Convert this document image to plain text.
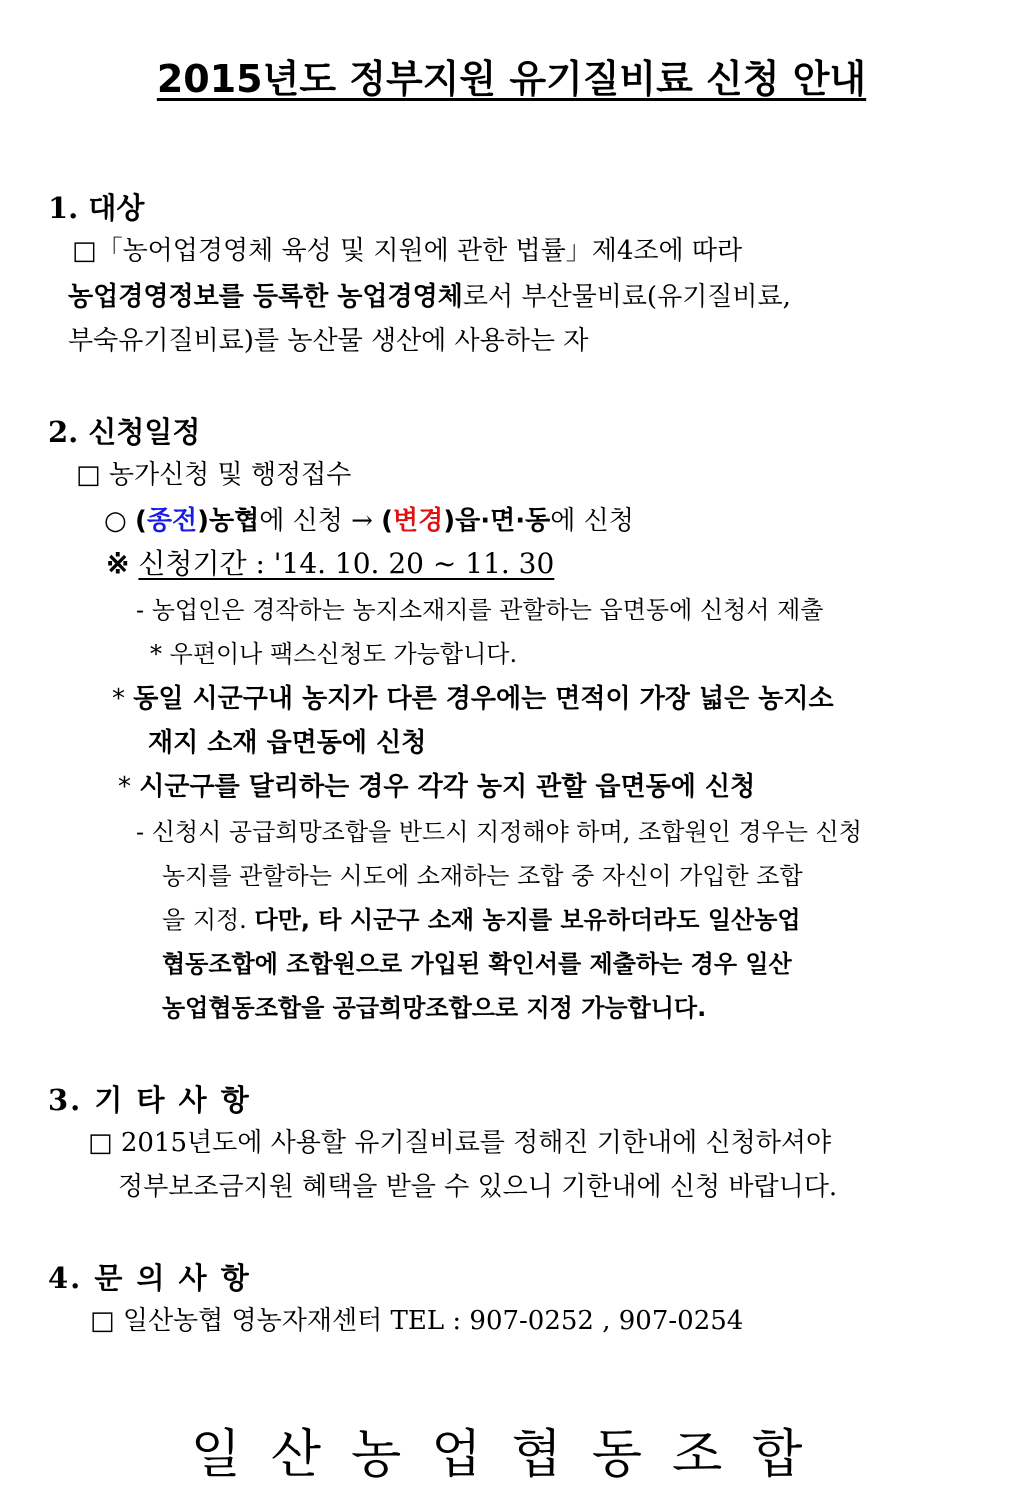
2015년도 정부지원 유기질비료 신청 안내
1. 대상
□「농어업경영체 육성 및 지원에 관한 법률」제4조에 따라
농업경영정보를 등록한 농업경영체로서 부산물비료(유기질비료,
부숙유기질비료)를 농산물 생산에 사용하는 자
2. 신청일정
□ 농가신청 및 행정접수
○ (종전)농협에 신청 → (변경)읍·면·동에 신청
※ 신청기간 : '14. 10. 20 ~ 11. 30
- 농업인은 경작하는 농지소재지를 관할하는 읍면동에 신청서 제출
* 우편이나 팩스신청도 가능합니다.
* 동일 시군구내 농지가 다른 경우에는 면적이 가장 넓은 농지소
재지 소재 읍면동에 신청
* 시군구를 달리하는 경우 각각 농지 관할 읍면동에 신청
- 신청시 공급희망조합을 반드시 지정해야 하며, 조합원인 경우는 신청
농지를 관할하는 시도에 소재하는 조합 중 자신이 가입한 조합
을 지정. 다만, 타 시군구 소재 농지를 보유하더라도 일산농업
협동조합에 조합원으로 가입된 확인서를 제출하는 경우 일산
농업협동조합을 공급희망조합으로 지정 가능합니다.
3. 기 타 사 항
□ 2015년도에 사용할 유기질비료를 정해진 기한내에 신청하셔야
정부보조금지원 혜택을 받을 수 있으니 기한내에 신청 바랍니다.
4. 문 의 사 항
□ 일산농협 영농자재센터 TEL : 907-0252 , 907-0254
일산농업협동조합
